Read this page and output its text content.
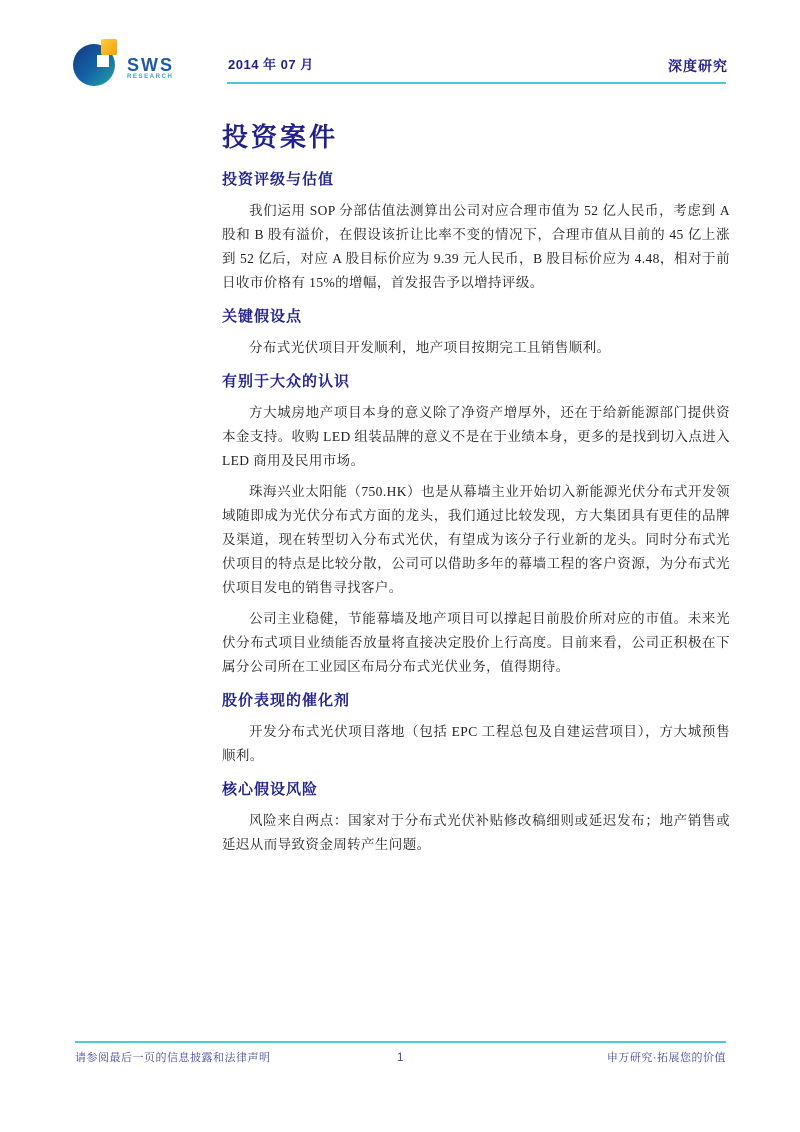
SWS
RESEARCH
2014 年 07 月	深度研究
投资案件
投资评级与估值

我们运用 SOP 分部估值法测算出公司对应合理市值为 52 亿人民币，考虑到 A 股和 B 股有溢价，在假设该折让比率不变的情况下，合理市值从目前的 45 亿上涨到 52 亿后，对应 A 股目标价应为 9.39 元人民币，B 股目标价应为 4.48，相对于前日收市价格有 15%的增幅，首发报告予以增持评级。

关键假设点

分布式光伏项目开发顺利，地产项目按期完工且销售顺利。

有别于大众的认识

方大城房地产项目本身的意义除了净资产增厚外，还在于给新能源部门提供资本金支持。收购 LED 组装品牌的意义不是在于业绩本身，更多的是找到切入点进入 LED 商用及民用市场。

珠海兴业太阳能（750.HK）也是从幕墙主业开始切入新能源光伏分布式开发领域随即成为光伏分布式方面的龙头，我们通过比较发现，方大集团具有更佳的品牌及渠道，现在转型切入分布式光伏，有望成为该分子行业新的龙头。同时分布式光伏项目的特点是比较分散，公司可以借助多年的幕墙工程的客户资源，为分布式光伏项目发电的销售寻找客户。

公司主业稳健，节能幕墙及地产项目可以撑起目前股价所对应的市值。未来光伏分布式项目业绩能否放量将直接决定股价上行高度。目前来看，公司正积极在下属分公司所在工业园区布局分布式光伏业务，值得期待。

股价表现的催化剂

开发分布式光伏项目落地（包括 EPC 工程总包及自建运营项目），方大城预售顺利。

核心假设风险

风险来自两点：国家对于分布式光伏补贴修改稿细则或延迟发布；地产销售或延迟从而导致资金周转产生问题。

请参阅最后一页的信息披露和法律声明	1	申万研究·拓展您的价值
